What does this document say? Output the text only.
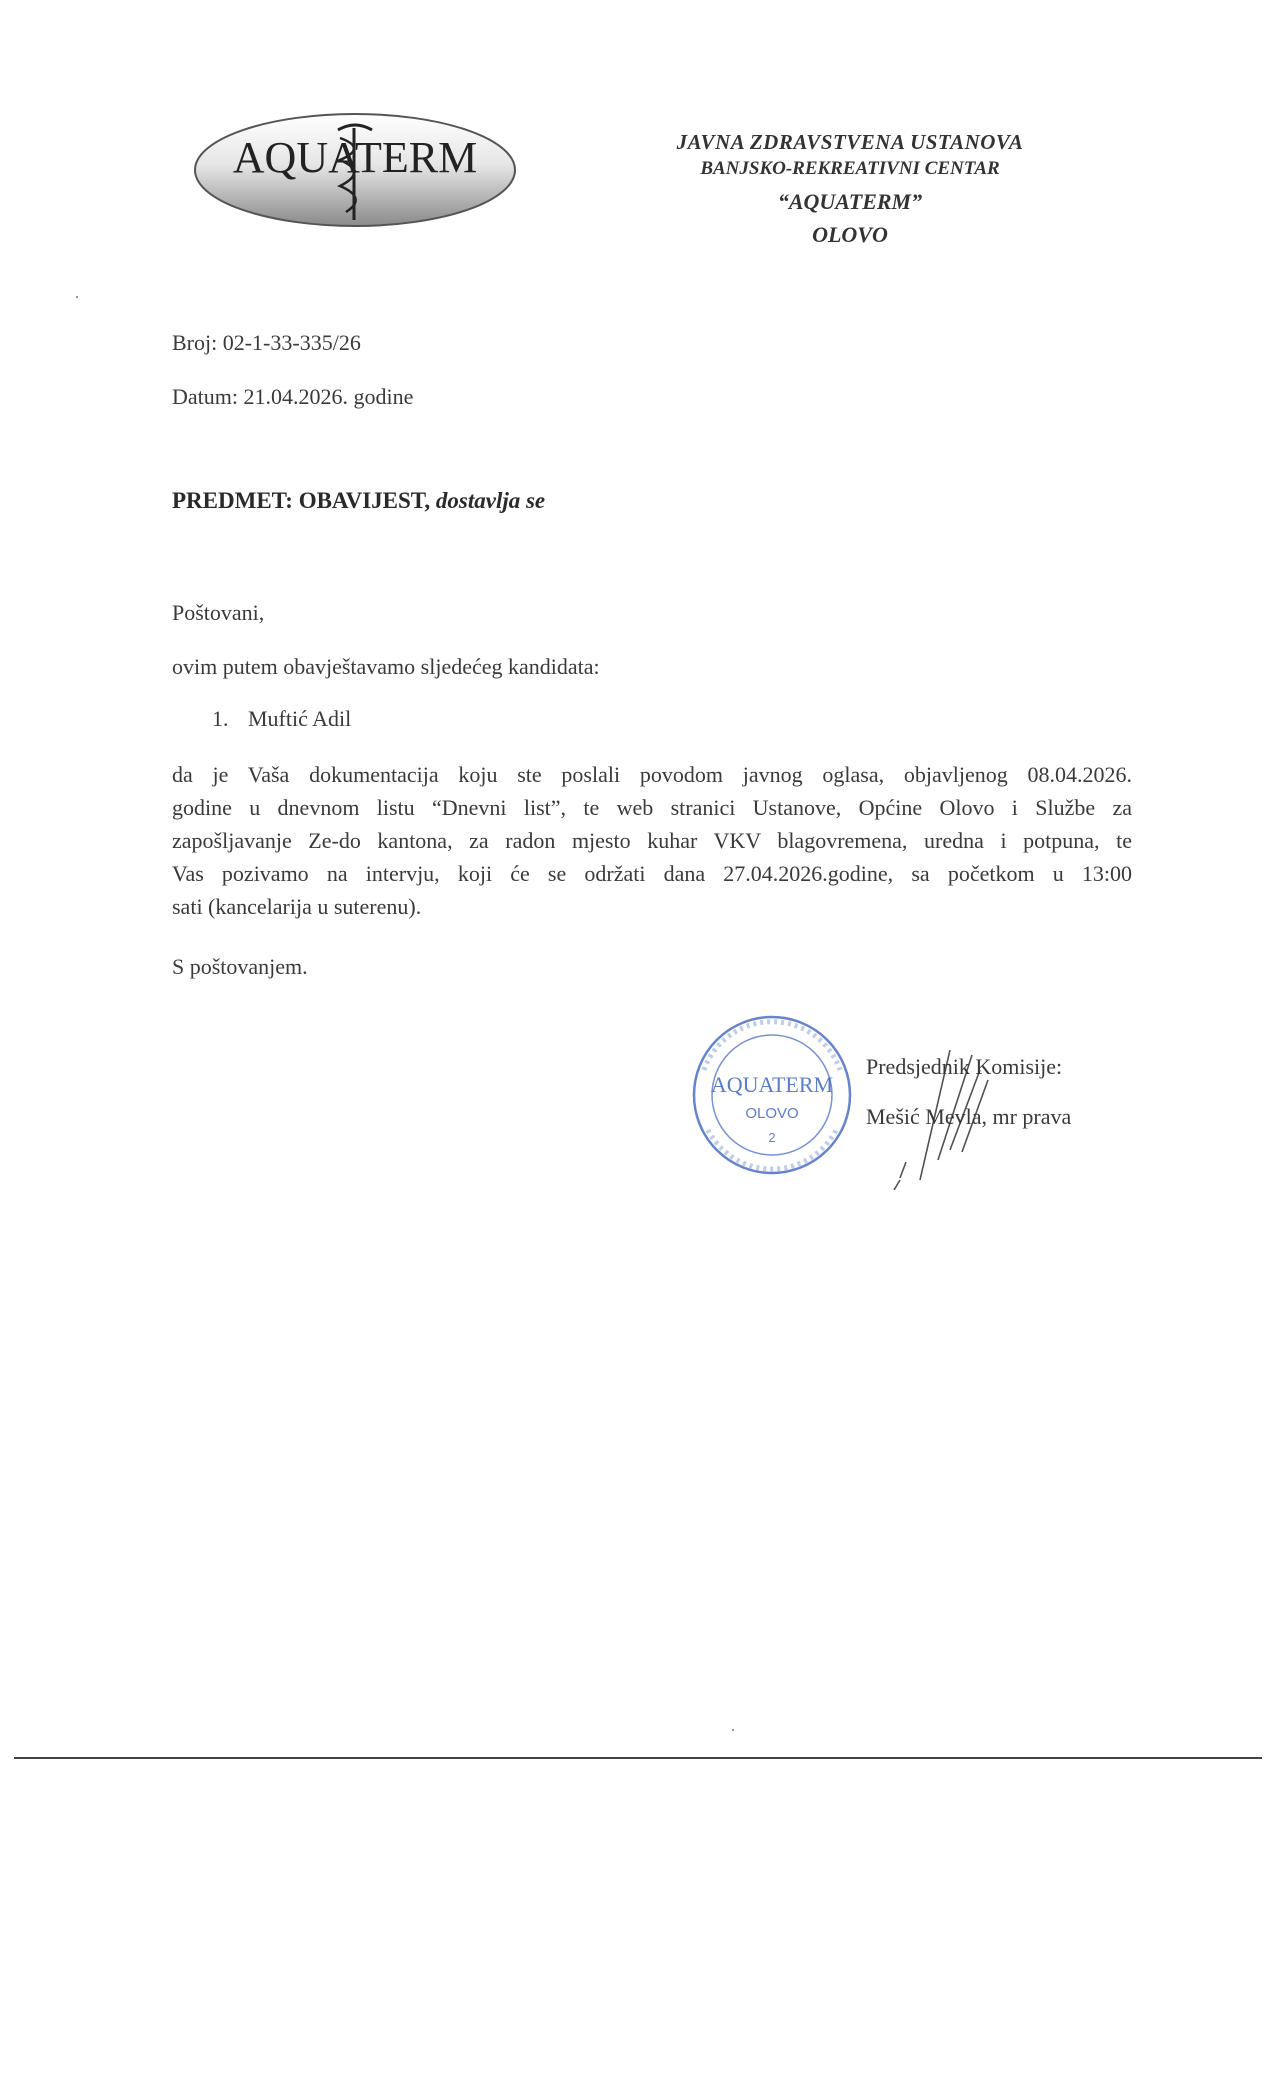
AQUATERM	JAVNA ZDRAVSTVENA USTANOVA
BANJSKO-REKREATIVNI CENTAR
“AQUATERM”
OLOVO
Broj: 02-1-33-335/26
Datum: 21.04.2026. godine
PREDMET: OBAVIJEST, dostavlja se
Poštovani,
ovim putem obavještavamo sljedećeg kandidata:
1. Muftić Adil
da je Vaša dokumentacija koju ste poslali povodom javnog oglasa, objavljenog 08.04.2026.
godine u dnevnom listu “Dnevni list”, te web stranici Ustanove, Općine Olovo i Službe za
zapošljavanje Ze-do kantona, za radon mjesto kuhar VKV blagovremena, uredna i potpuna, te
Vas pozivamo na intervju, koji će se održati dana 27.04.2026.godine, sa početkom u 13:00
sati (kancelarija u suterenu).
S poštovanjem.
AQUATERM
OLOVO
2
Predsjednik Komisije:
Mešić Mevla, mr prava
